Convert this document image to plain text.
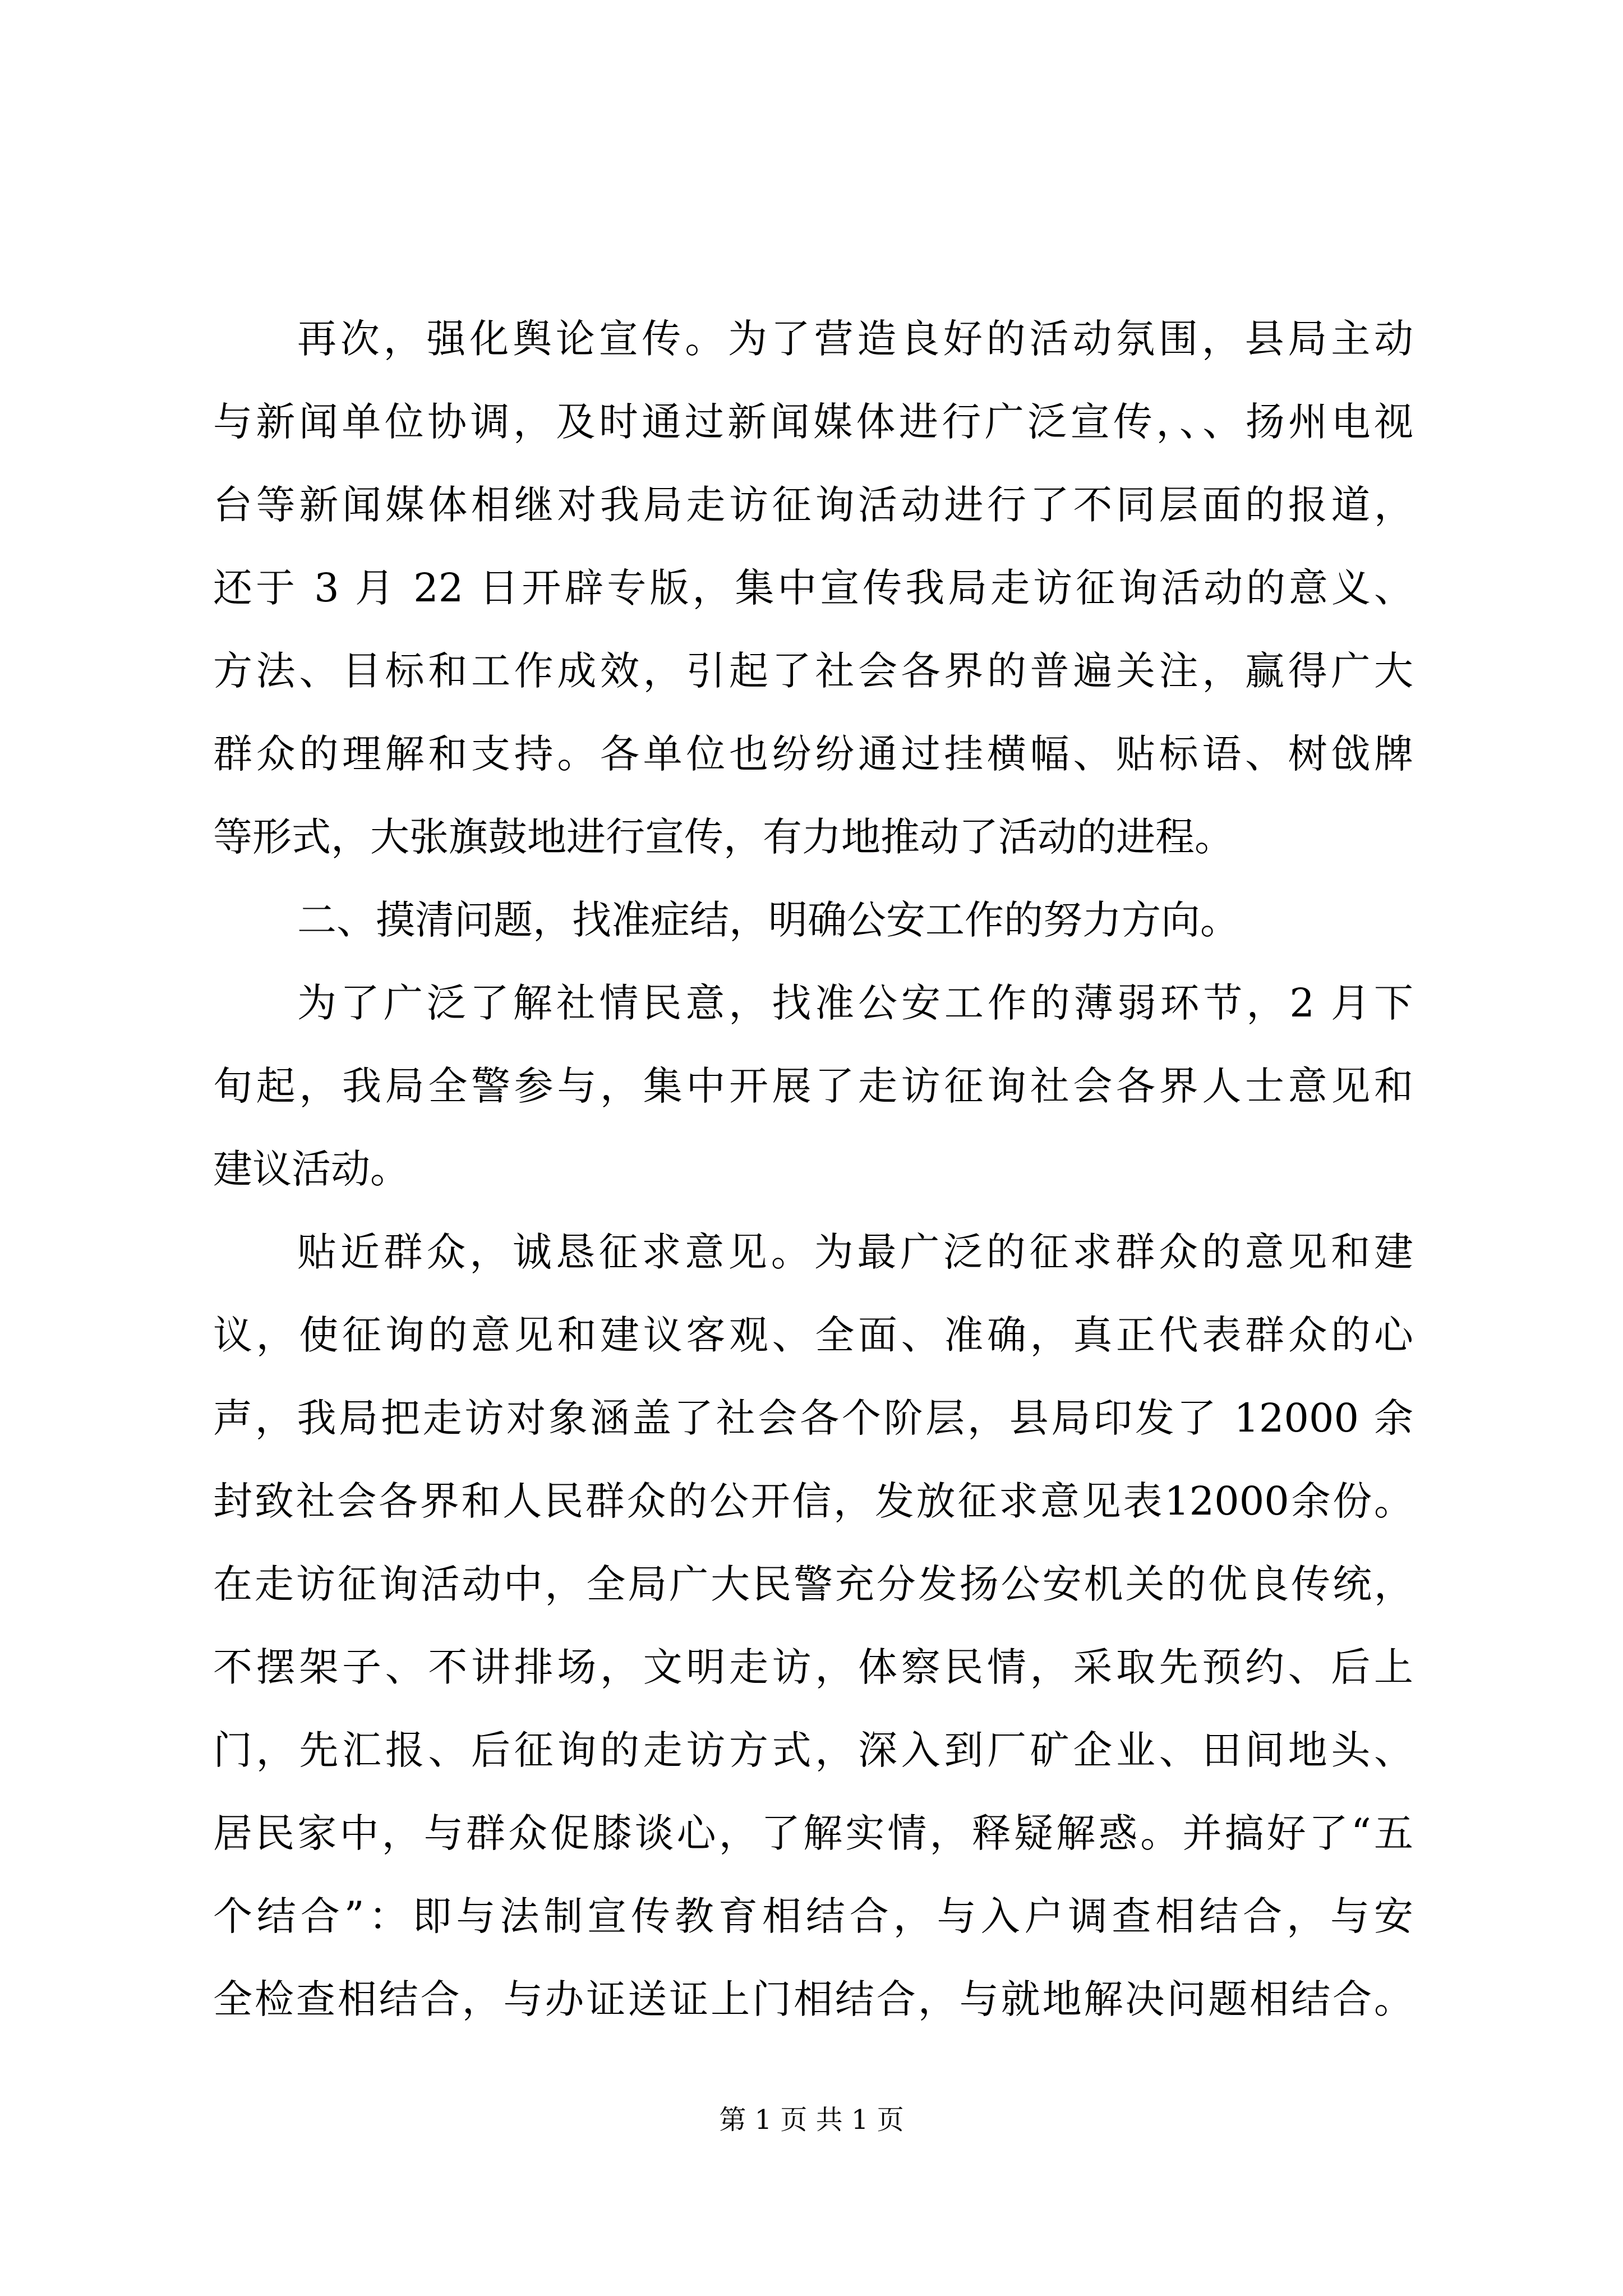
再次，强化舆论宣传。为了营造良好的活动氛围，县局主动
与新闻单位协调，及时通过新闻媒体进行广泛宣传，、、扬州电视
台等新闻媒体相继对我局走访征询活动进行了不同层面的报道，
还于 3 月 22 日开辟专版，集中宣传我局走访征询活动的意义、
方法、目标和工作成效，引起了社会各界的普遍关注，赢得广大
群众的理解和支持。各单位也纷纷通过挂横幅、贴标语、树戗牌
等形式，大张旗鼓地进行宣传，有力地推动了活动的进程。
二、摸清问题，找准症结，明确公安工作的努力方向。
为了广泛了解社情民意，找准公安工作的薄弱环节，2 月下
旬起，我局全警参与，集中开展了走访征询社会各界人士意见和
建议活动。
贴近群众，诚恳征求意见。为最广泛的征求群众的意见和建
议，使征询的意见和建议客观、全面、准确，真正代表群众的心
声，我局把走访对象涵盖了社会各个阶层，县局印发了 12000 余
封致社会各界和人民群众的公开信，发放征求意见表12000余份。
在走访征询活动中，全局广大民警充分发扬公安机关的优良传统，
不摆架子、不讲排场，文明走访，体察民情，采取先预约、后上
门，先汇报、后征询的走访方式，深入到厂矿企业、田间地头、
居民家中，与群众促膝谈心，了解实情，释疑解惑。并搞好了“五
个结合”：即与法制宣传教育相结合，与入户调查相结合，与安
全检查相结合，与办证送证上门相结合，与就地解决问题相结合。
第 1 页 共 1 页
